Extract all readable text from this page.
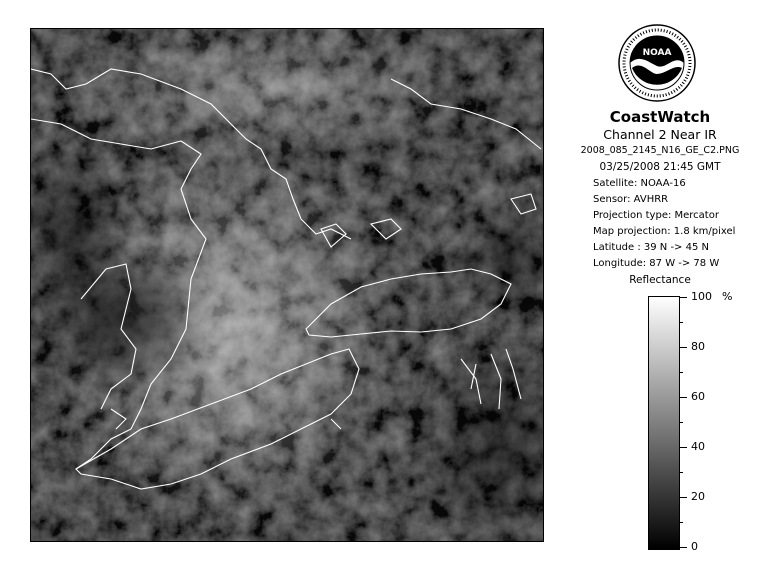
NOAA
CoastWatch
Channel 2 Near IR
2008_085_2145_N16_GE_C2.PNG
03/25/2008 21:45 GMT
Satellite: NOAA-16
Sensor: AVHRR
Projection type: Mercator
Map projection: 1.8 km/pixel
Latitude : 39 N -> 45 N
Longitude: 87 W -> 78 W
Reflectance
%
100
80
60
40
20
0
